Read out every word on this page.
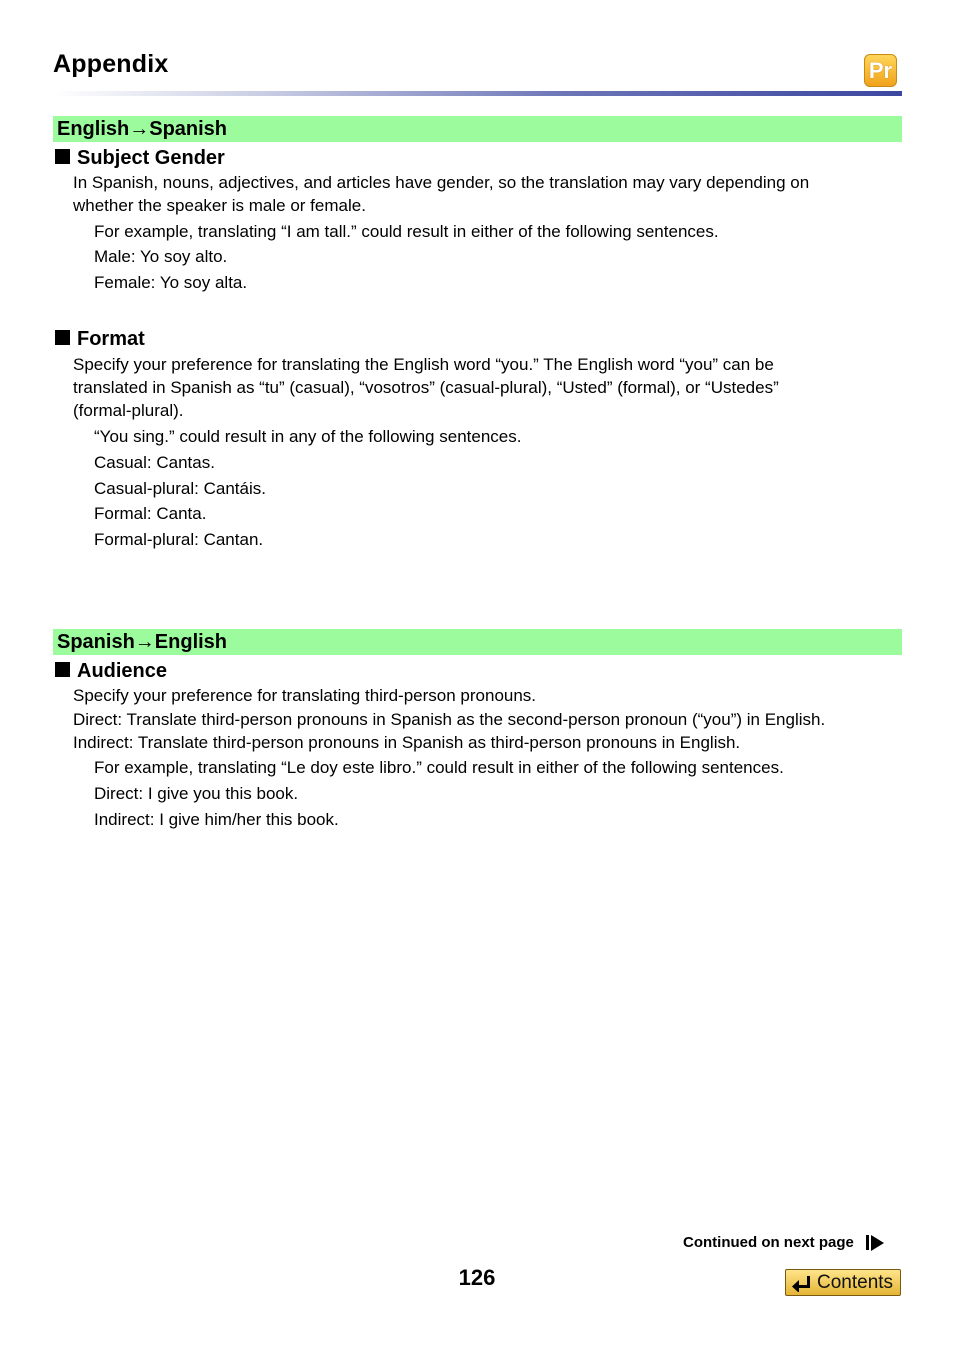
Appendix	Pr
English→Spanish
Subject Gender
In Spanish, nouns, adjectives, and articles have gender, so the translation may vary depending on
whether the speaker is male or female.
For example, translating “I am tall.” could result in either of the following sentences.
Male: Yo soy alto.
Female: Yo soy alta.
Format
Specify your preference for translating the English word “you.” The English word “you” can be
translated in Spanish as “tu” (casual), “vosotros” (casual-plural), “Usted” (formal), or “Ustedes”
(formal-plural).
“You sing.” could result in any of the following sentences.
Casual: Cantas.
Casual-plural: Cantáis.
Formal: Canta.
Formal-plural: Cantan.
Spanish→English
Audience
Specify your preference for translating third-person pronouns.
Direct: Translate third-person pronouns in Spanish as the second-person pronoun (“you”) in English.
Indirect: Translate third-person pronouns in Spanish as third-person pronouns in English.
For example, translating “Le doy este libro.” could result in either of the following sentences.
Direct: I give you this book.
Indirect: I give him/her this book.
Continued on next page
126	Contents
